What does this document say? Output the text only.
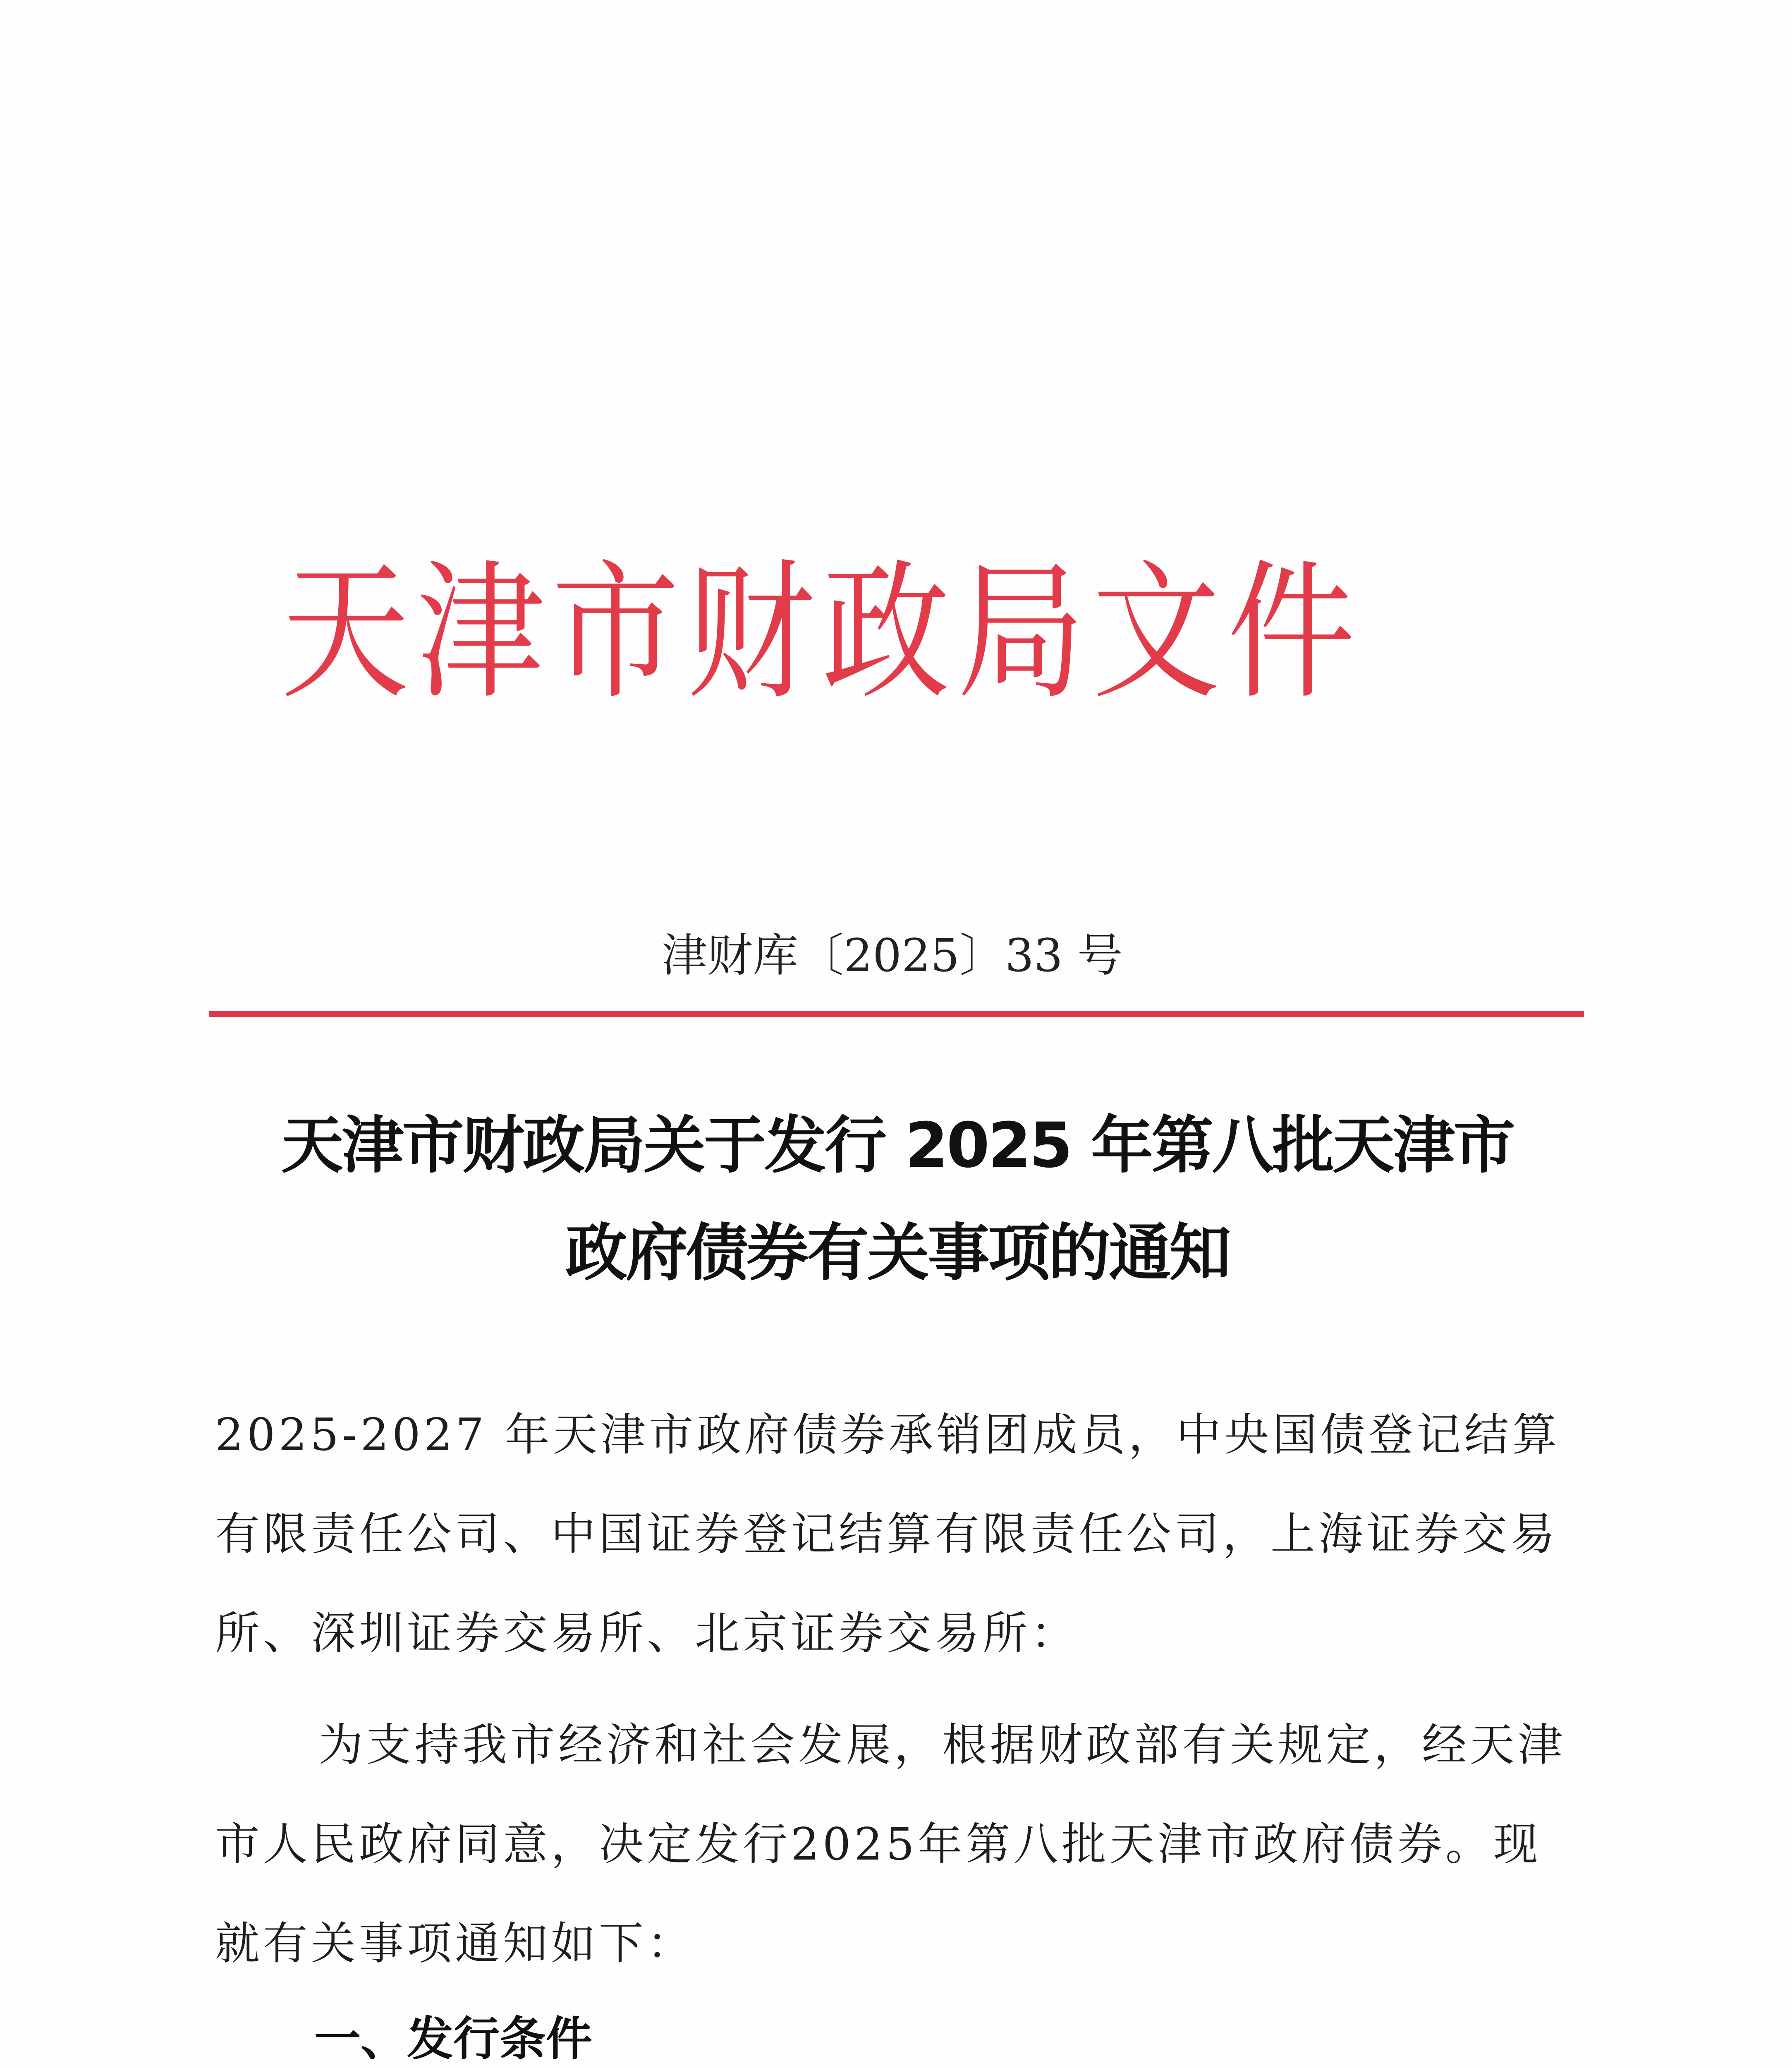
天津市财政局文件
津财库〔2025〕33 号
天津市财政局关于发行 2025 年第八批天津市
政府债券有关事项的通知
2025-2027 年天津市政府债券承销团成员，中央国债登记结算有限责任公司、中国证券登记结算有限责任公司，上海证券交易所、深圳证券交易所、北京证券交易所：
为支持我市经济和社会发展，根据财政部有关规定，经天津市人民政府同意，决定发行2025年第八批天津市政府债券。现就有关事项通知如下：
一、发行条件
